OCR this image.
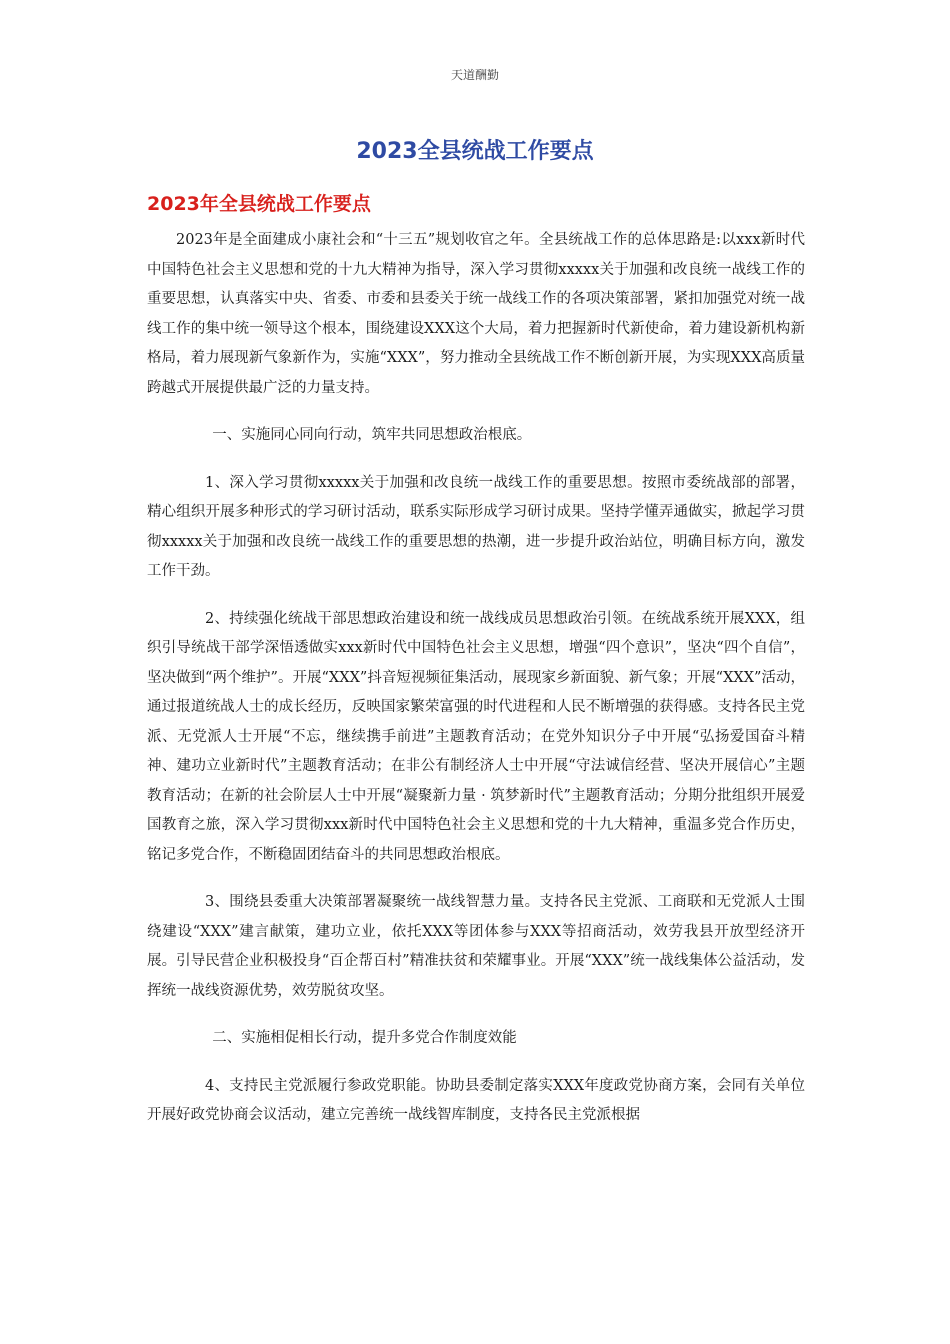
天道酬勤
2023全县统战工作要点
2023年全县统战工作要点

2023年是全面建成小康社会和“十三五”规划收官之年。全县统战工作的总体思路是:以xxx新时代中国特色社会主义思想和党的十九大精神为指导，深入学习贯彻xxxxx关于加强和改良统一战线工作的重要思想，认真落实中央、省委、市委和县委关于统一战线工作的各项决策部署，紧扣加强党对统一战线工作的集中统一领导这个根本，围绕建设XXX这个大局，着力把握新时代新使命，着力建设新机构新格局，着力展现新气象新作为，实施“XXX”，努力推动全县统战工作不断创新开展，为实现XXX高质量跨越式开展提供最广泛的力量支持。

一、实施同心同向行动，筑牢共同思想政治根底。

1、深入学习贯彻xxxxx关于加强和改良统一战线工作的重要思想。按照市委统战部的部署，精心组织开展多种形式的学习研讨活动，联系实际形成学习研讨成果。坚持学懂弄通做实，掀起学习贯彻xxxxx关于加强和改良统一战线工作的重要思想的热潮，进一步提升政治站位，明确目标方向，激发工作干劲。

2、持续强化统战干部思想政治建设和统一战线成员思想政治引领。在统战系统开展XXX，组织引导统战干部学深悟透做实xxx新时代中国特色社会主义思想，增强“四个意识”，坚决“四个自信”，坚决做到“两个维护”。开展“XXX”抖音短视频征集活动，展现家乡新面貌、新气象；开展“XXX”活动，通过报道统战人士的成长经历，反映国家繁荣富强的时代进程和人民不断增强的获得感。支持各民主党派、无党派人士开展“不忘，继续携手前进”主题教育活动；在党外知识分子中开展“弘扬爱国奋斗精神、建功立业新时代”主题教育活动；在非公有制经济人士中开展“守法诚信经营、坚决开展信心”主题教育活动；在新的社会阶层人士中开展“凝聚新力量 · 筑梦新时代”主题教育活动；分期分批组织开展爱国教育之旅，深入学习贯彻xxx新时代中国特色社会主义思想和党的十九大精神，重温多党合作历史，铭记多党合作，不断稳固团结奋斗的共同思想政治根底。

3、围绕县委重大决策部署凝聚统一战线智慧力量。支持各民主党派、工商联和无党派人士围绕建设“XXX”建言献策，建功立业，依托XXX等团体参与XXX等招商活动，效劳我县开放型经济开展。引导民营企业积极投身“百企帮百村”精准扶贫和荣耀事业。开展“XXX”统一战线集体公益活动，发挥统一战线资源优势，效劳脱贫攻坚。

二、实施相促相长行动，提升多党合作制度效能

4、支持民主党派履行参政党职能。协助县委制定落实XXX年度政党协商方案，会同有关单位开展好政党协商会议活动，建立完善统一战线智库制度，支持各民主党派根据
